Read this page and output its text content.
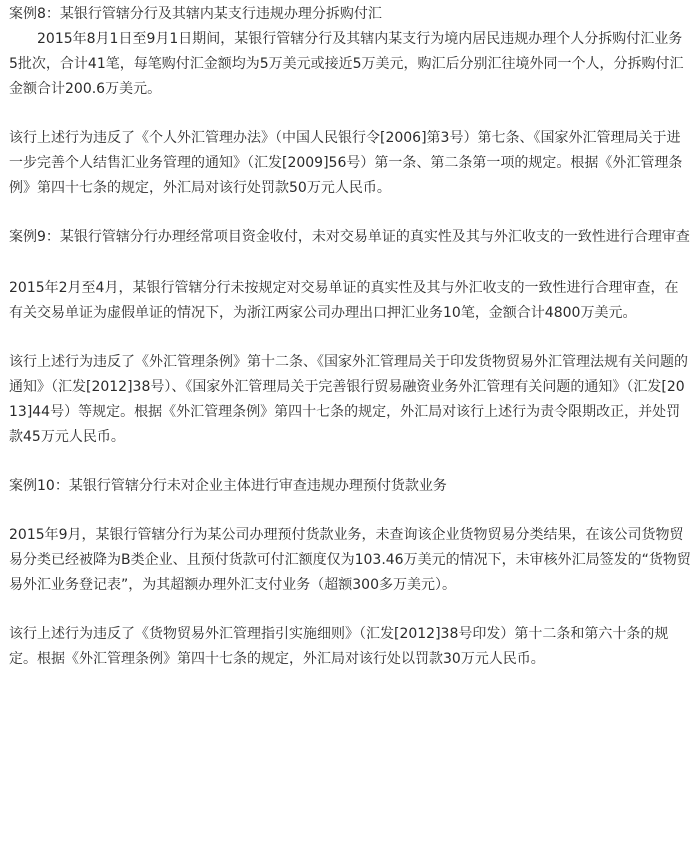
案例8：某银行管辖分行及其辖内某支行违规办理分拆购付汇

2015年8月1日至9月1日期间，某银行管辖分行及其辖内某支行为境内居民违规办理个人分拆购付汇业务5批次，合计41笔，每笔购付汇金额均为5万美元或接近5万美元，购汇后分别汇往境外同一个人，分拆购付汇金额合计200.6万美元。

该行上述行为违反了《个人外汇管理办法》（中国人民银行令[2006]第3号）第七条、《国家外汇管理局关于进一步完善个人结售汇业务管理的通知》（汇发[2009]56号）第一条、第二条第一项的规定。根据《外汇管理条例》第四十七条的规定，外汇局对该行处罚款50万元人民币。

案例9：某银行管辖分行办理经常项目资金收付，未对交易单证的真实性及其与外汇收支的一致性进行合理审查

2015年2月至4月，某银行管辖分行未按规定对交易单证的真实性及其与外汇收支的一致性进行合理审查，在有关交易单证为虚假单证的情况下，为浙江两家公司办理出口押汇业务10笔，金额合计4800万美元。

该行上述行为违反了《外汇管理条例》第十二条、《国家外汇管理局关于印发货物贸易外汇管理法规有关问题的通知》（汇发[2012]38号）、《国家外汇管理局关于完善银行贸易融资业务外汇管理有关问题的通知》（汇发[2013]44号）等规定。根据《外汇管理条例》第四十七条的规定，外汇局对该行上述行为责令限期改正，并处罚款45万元人民币。

案例10：某银行管辖分行未对企业主体进行审查违规办理预付货款业务

2015年9月，某银行管辖分行为某公司办理预付货款业务，未查询该企业货物贸易分类结果，在该公司货物贸易分类已经被降为B类企业、且预付货款可付汇额度仅为103.46万美元的情况下，未审核外汇局签发的“货物贸易外汇业务登记表”，为其超额办理外汇支付业务（超额300多万美元）。

该行上述行为违反了《货物贸易外汇管理指引实施细则》（汇发[2012]38号印发）第十二条和第六十条的规定。根据《外汇管理条例》第四十七条的规定，外汇局对该行处以罚款30万元人民币。
